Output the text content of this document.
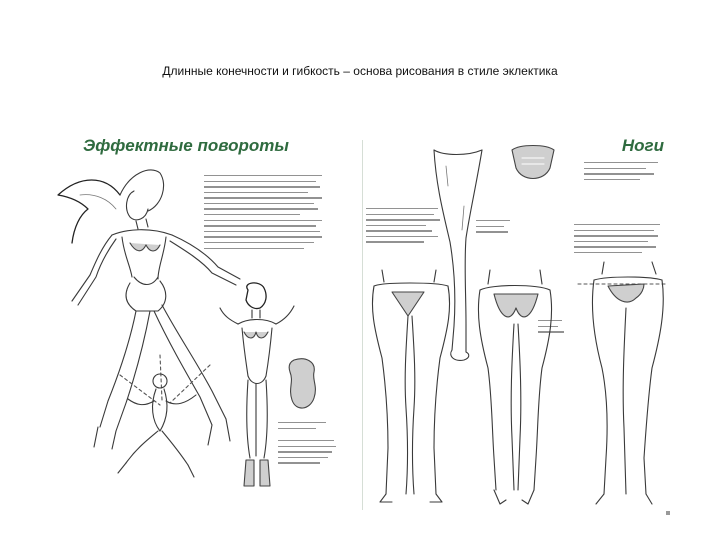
Длинные конечности и гибкость – основа рисования в стиле эклектика
Эффектные повороты	Ноги
